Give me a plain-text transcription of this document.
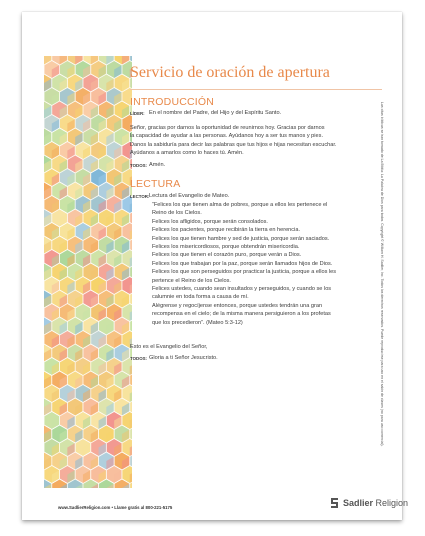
Servicio de oración de apertura
INTRODUCCIÓN
LÍDER: En el nombre del Padre, del Hijo y del Espíritu Santo.
Señor, gracias por darnos la oportunidad de reunirnos hoy. Gracias por darnos
la capacidad de ayudar a las personas. Ayúdanos hoy a ser tus manos y pies.
Danos la sabiduría para decir las palabras que tus hijos e hijas necesitan escuchar.
Ayúdanos a amarlos como lo haces tú. Amén.
TODOS: Amén.
LECTURA
LECTOR: Lectura del Evangelio de Mateo.
“Felices los que tienen alma de pobres, porque a ellos les pertenece el
Reino de los Cielos.
Felices los afligidos, porque serán consolados.
Felices los pacientes, porque recibirán la tierra en herencia.
Felices los que tienen hambre y sed de justicia, porque serán saciados.
Felices los misericordiosos, porque obtendrán misericordia.
Felices los que tienen el corazón puro, porque verán a Dios.
Felices los que trabajan por la paz, porque serán llamados hijos de Dios.
Felices los que son perseguidos por practicar la justicia, porque a ellos les
pertence el Reino de los Cielos.
Felices ustedes, cuando sean insultados y perseguidos, y cuando se los
calumnie en toda forma a causa de mí.
Alégrense y regocíjense entonces, porque ustedes tendrán una gran
recompensa en el cielo; de la misma manera persiguieron a los profetas
que los precedieron”. (Mateo 5:3-12)
Esto es el Evangelio del Señor,
TODOS: Gloria a ti Señor Jesucristo.	Las citas bíblicas se han tomado de La Biblia: La Palabra de Dios para todos. Copyright © William H. Sadlier, Inc. Todos los derechos reservados. Puede reproducirse para uso en el salón de clases (no para uso comercial).
www.SadlierReligion.com • Llame gratis al 800-221-5175	Sadlier Religion
